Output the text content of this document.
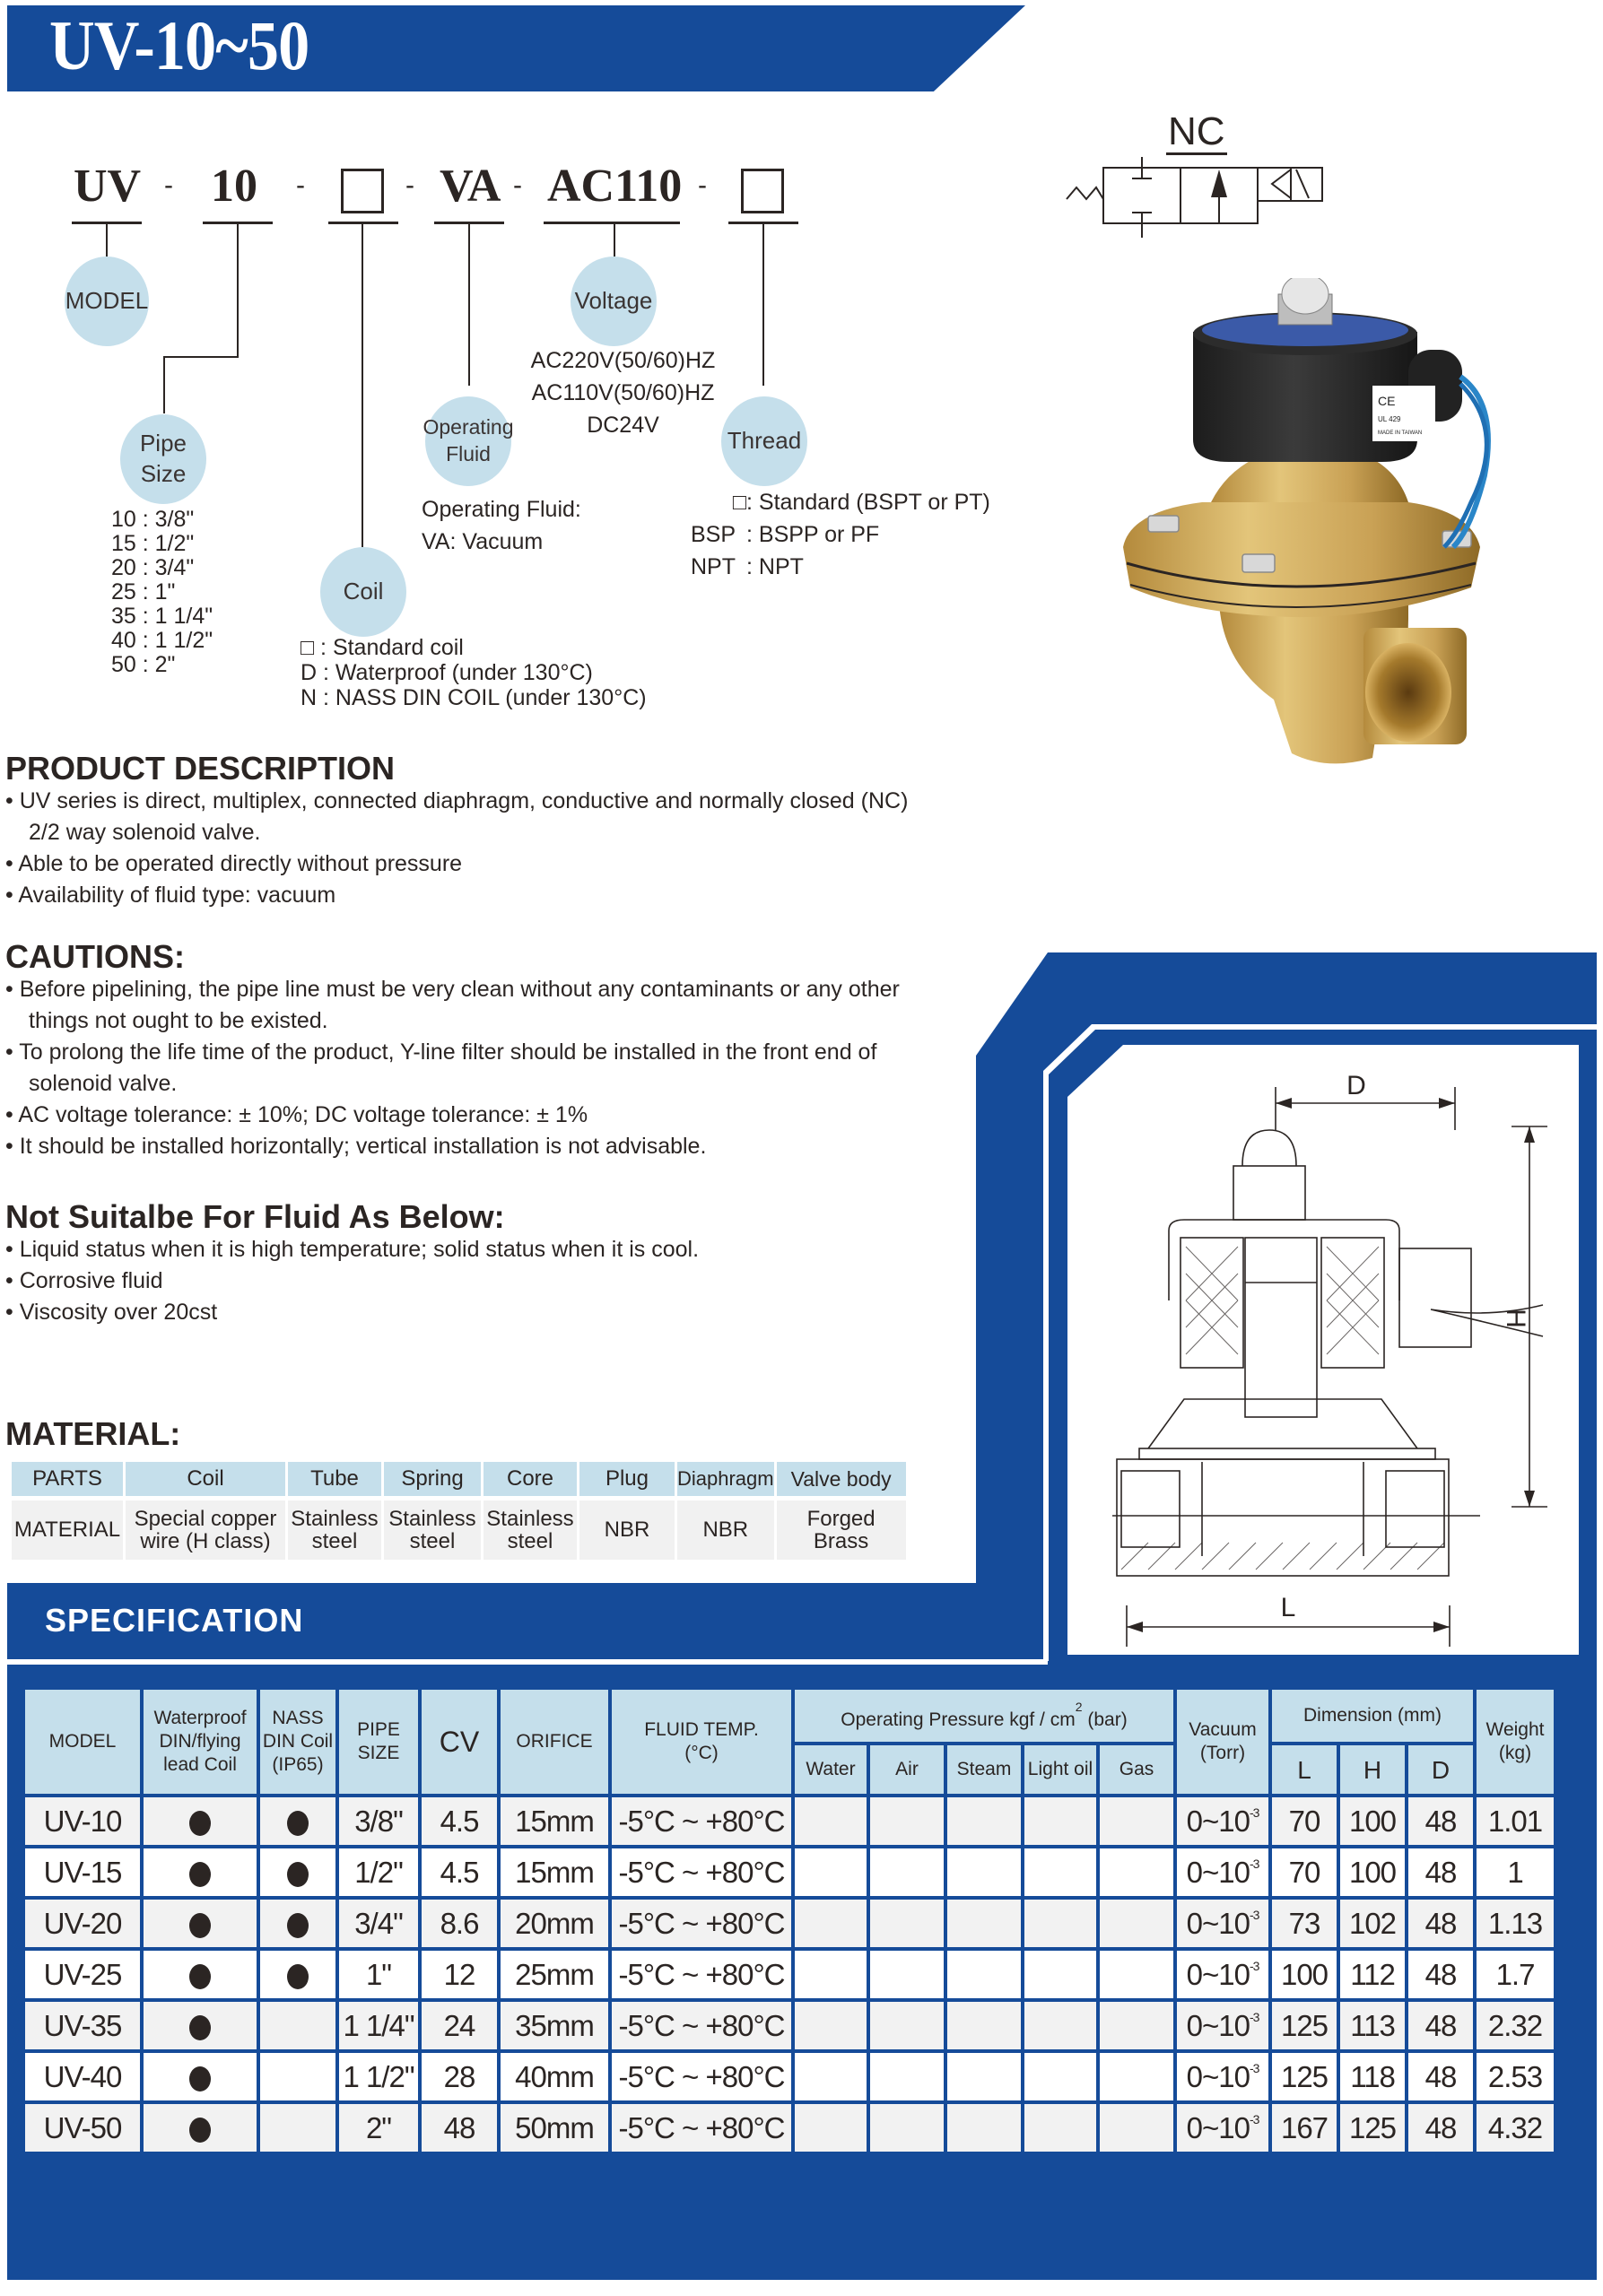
UV-10~50
UV - 10 -	- VA - AC110 -
MODEL	Voltage
Pipe
Size
Operating
Fluid	Thread
Coil
AC220V(50/60)HZ
AC110V(50/60)HZ
DC24V
10 : 3/8"
15 : 1/2"
20 : 3/4"
25 : 1"
35 : 1 1/4"
40 : 1 1/2"
50 : 2"
Operating Fluid:
VA: Vacuum
□: Standard (BSPT or PT)
BSP : BSPP or PF
NPT : NPT
□ : Standard coil
D : Waterproof (under 130°C)
N : NASS DIN COIL (under 130°C)
NC
CE
UL 429
MADE IN TAIWAN
PRODUCT DESCRIPTION
• UV series is direct, multiplex, connected diaphragm, conductive and normally closed (NC)
2/2 way solenoid valve.
• Able to be operated directly without pressure
• Availability of fluid type: vacuum
CAUTIONS:
• Before pipelining, the pipe line must be very clean without any contaminants or any other
things not ought to be existed.
• To prolong the life time of the product, Y-line filter should be installed in the front end of
solenoid valve.
• AC voltage tolerance: ± 10%; DC voltage tolerance: ± 1%
• It should be installed horizontally; vertical installation is not advisable.
Not Suitalbe For Fluid As Below:
• Liquid status when it is high temperature; solid status when it is cool.
• Corrosive fluid
• Viscosity over 20cst
SPECIFICATION
D
H
L
MATERIAL:
PARTS	Coil	Tube	Spring	Core	Plug	Diaphragm	Valve body
MATERIAL	Special copper
wire (H class)	Stainless
steel	Stainless
steel	Stainless
steel	NBR	NBR	Forged
Brass
MODEL	Waterproof
DIN/flying
lead Coil	NASS
DIN Coil
(IP65)	PIPE
SIZE	CV	ORIFICE	FLUID TEMP.
(°C)	Operating Pressure kgf / $cm^2$ (bar)					Vacuum
(Torr)	Dimension (mm)			Weight
(kg)
							Water	Air	Steam	Light oil	Gas		L	H	D	
UV-10			3/8"	4.5	15mm	-5°C ~ +80°C						$0\sim 10^{-3}$	70	100	48	1.01
UV-15			1/2"	4.5	15mm	-5°C ~ +80°C						$0\sim 10^{-3}$	70	100	48	1
UV-20			3/4"	8.6	20mm	-5°C ~ +80°C						$0\sim 10^{-3}$	73	102	48	1.13
UV-25			1"	12	25mm	-5°C ~ +80°C						$0\sim 10^{-3}$	100	112	48	1.7
UV-35			1 1/4"	24	35mm	-5°C ~ +80°C						$0\sim 10^{-3}$	125	113	48	2.32
UV-40			1 1/2"	28	40mm	-5°C ~ +80°C						$0\sim 10^{-3}$	125	118	48	2.53
UV-50			2"	48	50mm	-5°C ~ +80°C						$0\sim 10^{-3}$	167	125	48	4.32
